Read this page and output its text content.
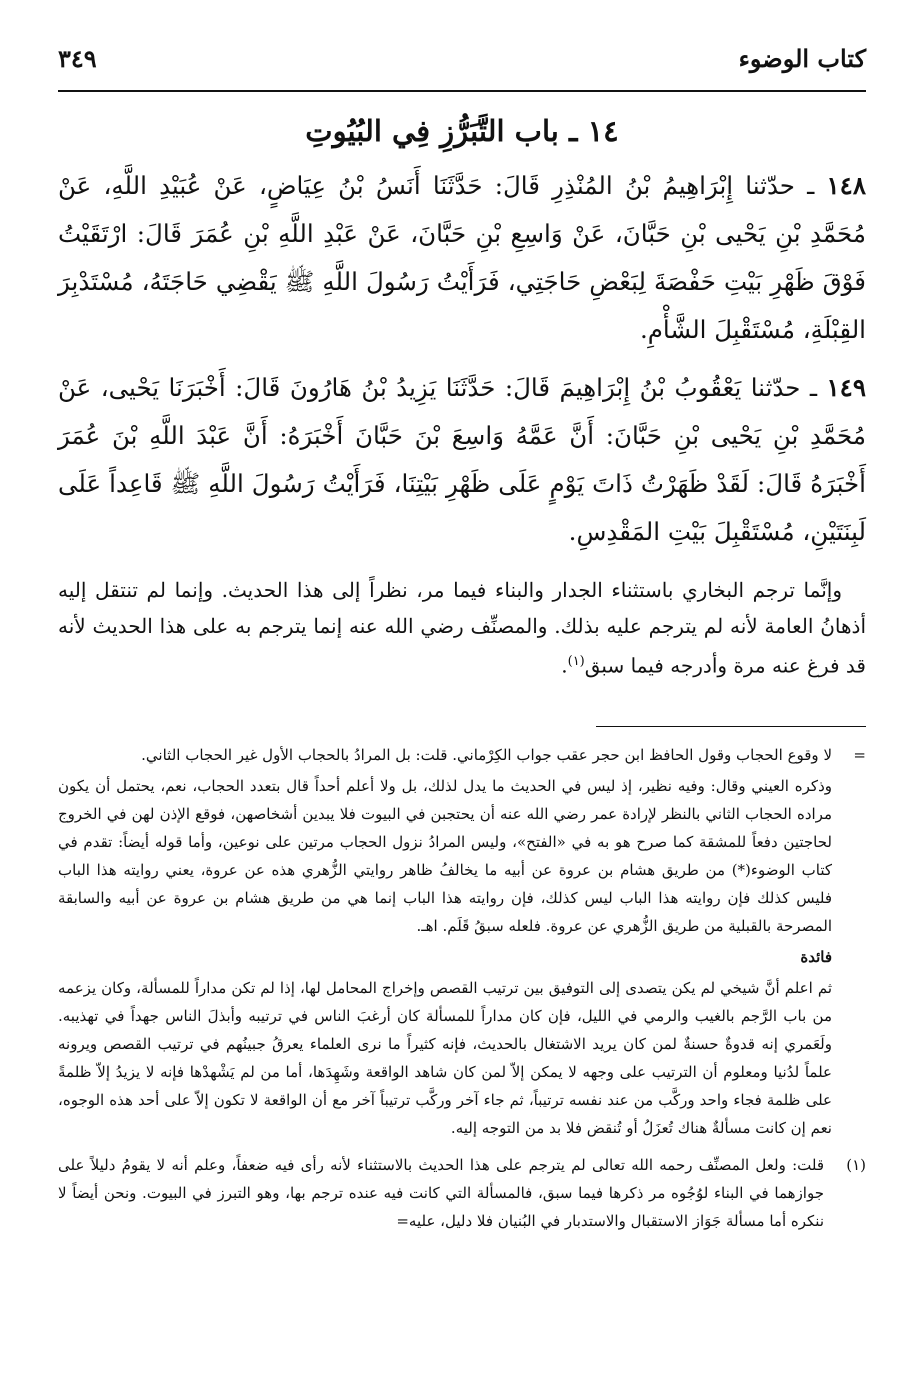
كتاب الوضوء
٣٤٩
١٤ ـ باب التَّبَرُّزِ فِي البُيُوتِ

١٤٨ ـ حدّثنا إِبْرَاهِيمُ بْنُ المُنْذِرِ قَالَ: حَدَّثَنَا أَنَسُ بْنُ عِيَاضٍ، عَنْ عُبَيْدِ اللَّهِ، عَنْ مُحَمَّدِ بْنِ يَحْيى بْنِ حَبَّانَ، عَنْ وَاسِعِ بْنِ حَبَّانَ، عَنْ عَبْدِ اللَّهِ بْنِ عُمَرَ قَالَ: ارْتَقَيْتُ فَوْقَ ظَهْرِ بَيْتِ حَفْصَةَ لِبَعْضِ حَاجَتِي، فَرَأَيْتُ رَسُولَ اللَّهِ ﷺ يَقْضِي حَاجَتَهُ، مُسْتَدْبِرَ القِبْلَةِ، مُسْتَقْبِلَ الشَّأْمِ.

١٤٩ ـ حدّثنا يَعْقُوبُ بْنُ إِبْرَاهِيمَ قَالَ: حَدَّثَنَا يَزِيدُ بْنُ هَارُونَ قَالَ: أَخْبَرَنَا يَحْيى، عَنْ مُحَمَّدِ بْنِ يَحْيى بْنِ حَبَّانَ: أَنَّ عَمَّهُ وَاسِعَ بْنَ حَبَّانَ أَخْبَرَهُ: أَنَّ عَبْدَ اللَّهِ بْنَ عُمَرَ أَخْبَرَهُ قَالَ: لَقَدْ ظَهَرْتُ ذَاتَ يَوْمٍ عَلَى ظَهْرِ بَيْتِنَا، فَرَأَيْتُ رَسُولَ اللَّهِ ﷺ قَاعِداً عَلَى لَبِنَتَيْنِ، مُسْتَقْبِلَ بَيْتِ المَقْدِسِ.

وإنَّما ترجم البخاري باستثناء الجدار والبناء فيما مر، نظراً إلى هذا الحديث. وإنما لم تنتقل إليه أذهانُ العامة لأنه لم يترجم عليه بذلك. والمصنِّف رضي الله عنه إنما يترجم به على هذا الحديث لأنه قد فرغ عنه مرة وأدرجه فيما سبق$^{(١)}$.

=

لا وقوع الحجاب وقول الحافظ ابن حجر عقب جواب الكِرْماني. قلت: بل المرادُ بالحجاب الأول غير الحجاب الثاني.

وذكره العيني وقال: وفيه نظير، إذ ليس في الحديث ما يدل لذلك، بل ولا أعلم أحداً قال بتعدد الحجاب، نعم، يحتمل أن يكون مراده الحجاب الثاني بالنظر لإرادة عمر رضي الله عنه أن يحتجبن في البيوت فلا يبدين أشخاصهن، فوقع الإذن لهن في الخروج لحاجتين دفعاً للمشقة كما صرح هو به في «الفتح»، وليس المرادُ نزول الحجاب مرتين على نوعين، وأما قوله أيضاً: تقدم في كتاب الوضوء(*) من طريق هشام بن عروة عن أبيه ما يخالفُ ظاهر روايتي الزُّهري هذه عن عروة، يعني روايته هذا الباب فليس كذلك فإن روايته هذا الباب ليس كذلك، فإن روايته هذا الباب إنما هي من طريق هشام بن عروة عن أبيه والسابقة المصرحة بالقبلية من طريق الزُّهري عن عروة. فلعله سبقُ قَلَم. اهـ.

فائدة

ثم اعلم أنَّ شيخي لم يكن يتصدى إلى التوفيق بين ترتيب القصص وإخراج المحامل لها، إذا لم تكن مداراً للمسألة، وكان يزعمه من باب الرَّجم بالغيب والرمي في الليل، فإن كان مداراً للمسألة كان أرغبَ الناس في ترتيبه وأبذلَ الناس جهداً في تهذيبه. ولَعَمري إنه قدوةٌ حسنةٌ لمن كان يريد الاشتغال بالحديث، فإنه كثيراً ما نرى العلماء يعرقُ جبينُهم في ترتيب القصص ويرونه علماً لدُنيا ومعلوم أن الترتيب على وجهه لا يمكن إلاّ لمن كان شاهد الواقعة وشَهِدَها، أما من لم يَشْهدْها فإنه لا يزيدُ إلاّ ظلمةً على ظلمة فجاء واحد وركَّب من عند نفسه ترتيباً، ثم جاء آخر وركَّب ترتيباً آخر مع أن الواقعة لا تكون إلاّ على أحد هذه الوجوه، نعم إن كانت مسألةٌ هناك تُعزَلُ أو تُنقض فلا بد من التوجه إليه.

(١)
قلت: ولعل المصنِّف رحمه الله تعالى لم يترجم على هذا الحديث بالاستثناء لأنه رأى فيه ضعفاً، وعلم أنه لا يقومُ دليلاً على جوازهما في البناء لوُجُوه مر ذكرها فيما سبق، فالمسألة التي كانت فيه عنده ترجم بها، وهو التبرز في البيوت. ونحن أيضاً لا ننكره أما مسألة جَوَاز الاستقبال والاستدبار في البُنيان فلا دليل، عليه=
